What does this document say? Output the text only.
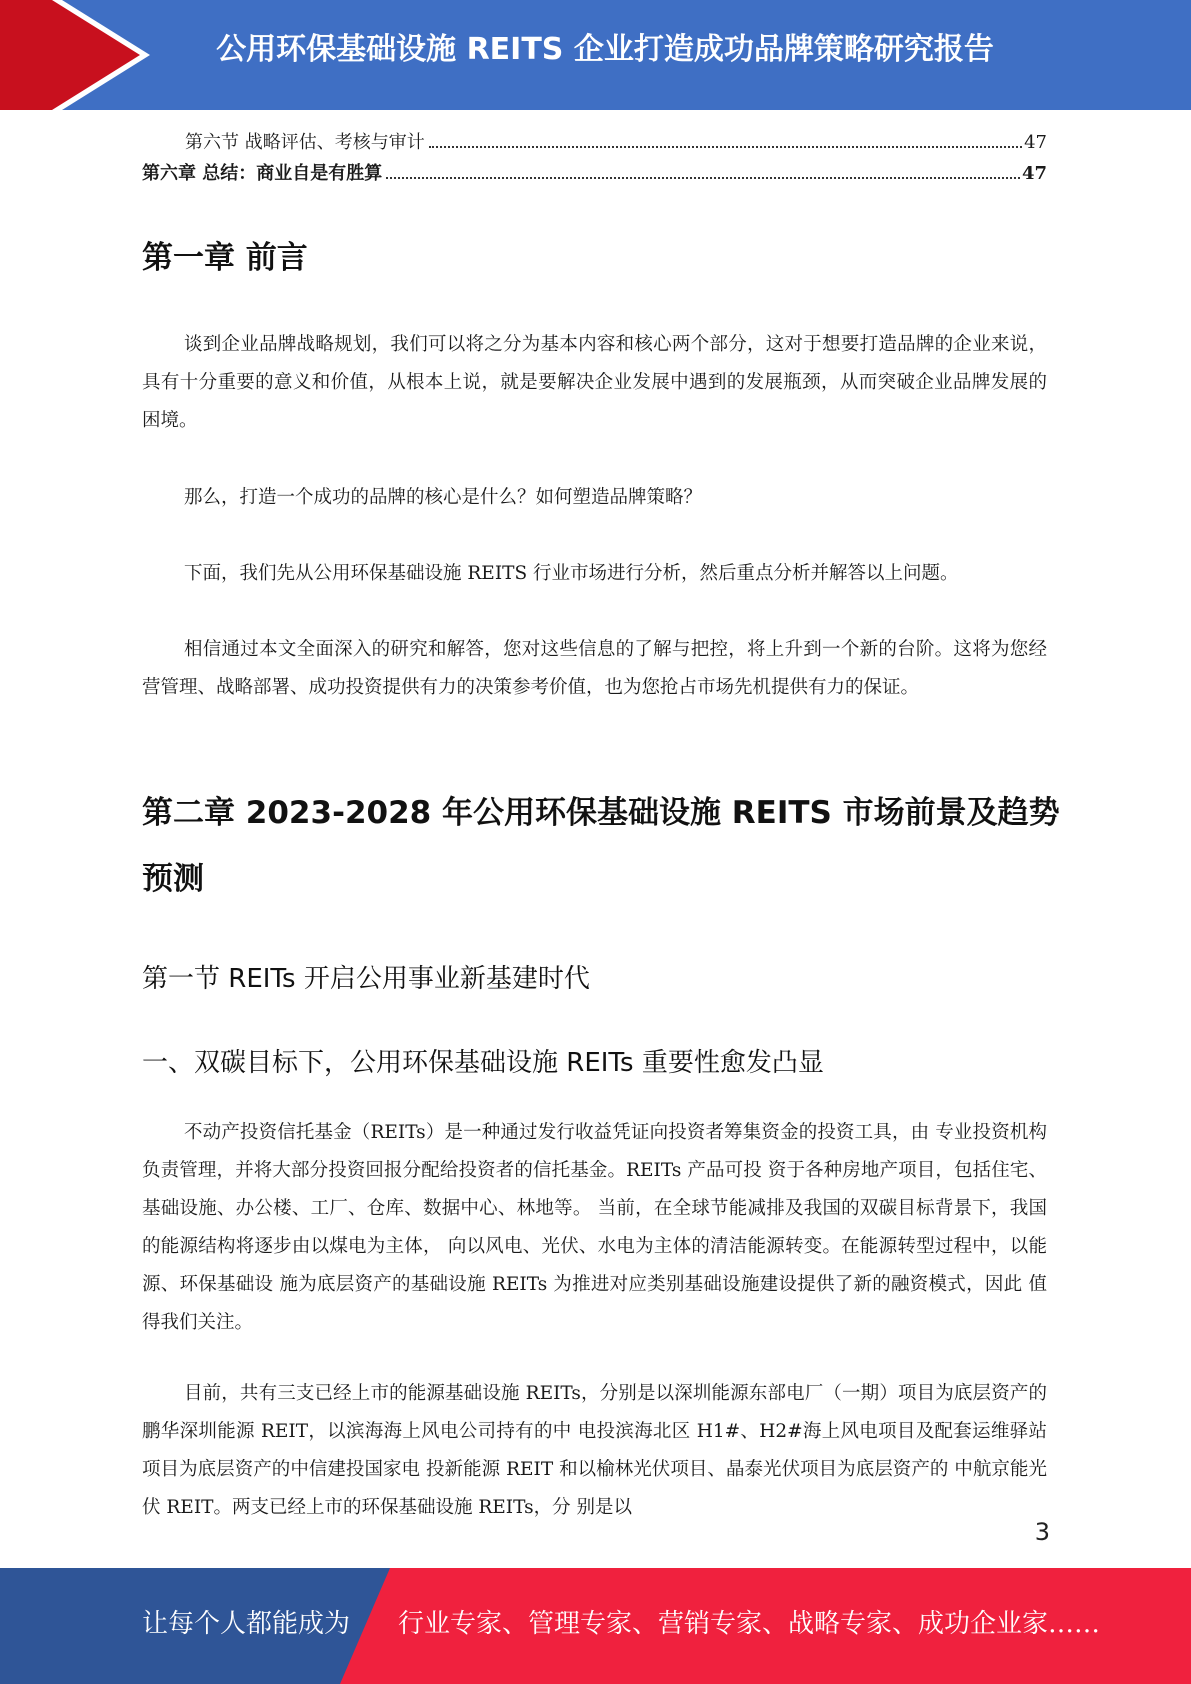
公用环保基础设施 REITS 企业打造成功品牌策略研究报告
第六节 战略评估、考核与审计	47
第六章 总结：商业自是有胜算	47
第一章 前言

谈到企业品牌战略规划，我们可以将之分为基本内容和核心两个部分，这对于想要打造品牌的企业来说，具有十分重要的意义和价值，从根本上说，就是要解决企业发展中遇到的发展瓶颈，从而突破企业品牌发展的困境。

那么，打造一个成功的品牌的核心是什么？如何塑造品牌策略？

下面，我们先从公用环保基础设施 REITS 行业市场进行分析，然后重点分析并解答以上问题。

相信通过本文全面深入的研究和解答，您对这些信息的了解与把控，将上升到一个新的台阶。这将为您经营管理、战略部署、成功投资提供有力的决策参考价值，也为您抢占市场先机提供有力的保证。

第二章 2023-2028 年公用环保基础设施 REITS 市场前景及趋势
预测
第一节 REITs 开启公用事业新基建时代
一、双碳目标下，公用环保基础设施 REITs 重要性愈发凸显

不动产投资信托基金（REITs）是一种通过发行收益凭证向投资者筹集资金的投资工具，由 专业投资机构负责管理，并将大部分投资回报分配给投资者的信托基金。REITs 产品可投 资于各种房地产项目，包括住宅、基础设施、办公楼、工厂、仓库、数据中心、林地等。 当前，在全球节能减排及我国的双碳目标背景下，我国的能源结构将逐步由以煤电为主体， 向以风电、光伏、水电为主体的清洁能源转变。在能源转型过程中，以能源、环保基础设 施为底层资产的基础设施 REITs 为推进对应类别基础设施建设提供了新的融资模式，因此 值得我们关注。

目前，共有三支已经上市的能源基础设施 REITs，分别是以深圳能源东部电厂（一期）项目为底层资产的鹏华深圳能源 REIT，以滨海海上风电公司持有的中 电投滨海北区 H1#、H2#海上风电项目及配套运维驿站项目为底层资产的中信建投国家电 投新能源 REIT 和以榆林光伏项目、晶泰光伏项目为底层资产的 中航京能光伏 REIT。两支已经上市的环保基础设施 REITs，分 别是以

3
让每个人都能成为 行业专家、管理专家、营销专家、战略专家、成功企业家……
